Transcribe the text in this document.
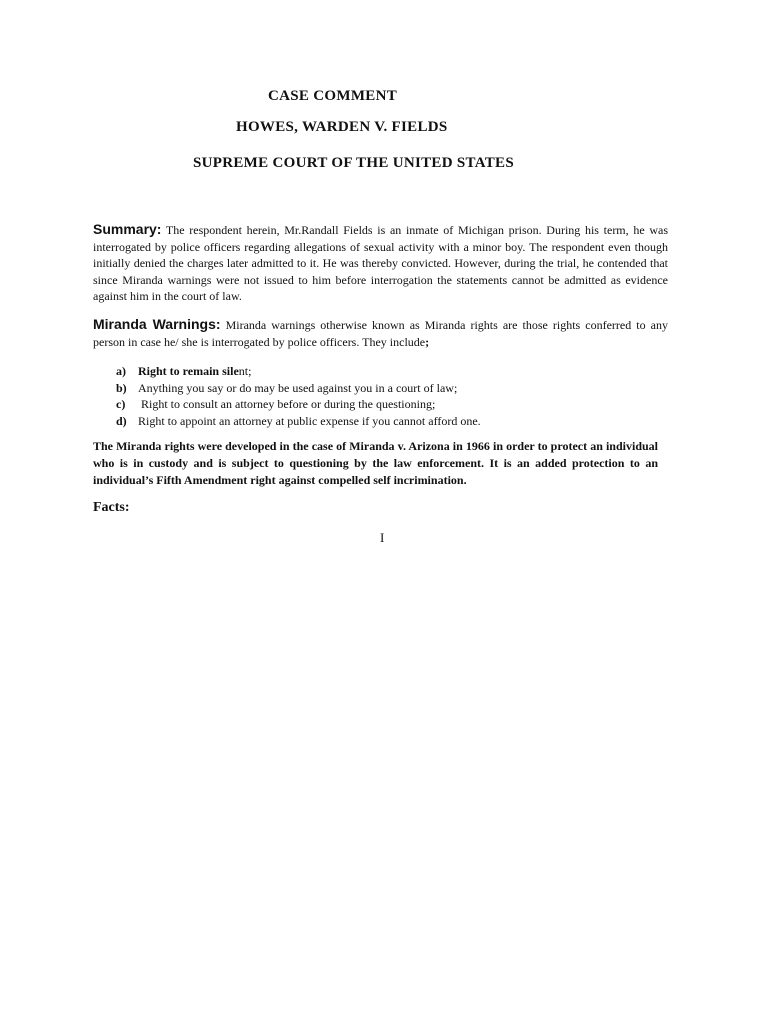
CASE COMMENT
HOWES, WARDEN V. FIELDS
SUPREME COURT OF THE UNITED STATES
Summary: The respondent herein, Mr.Randall Fields is an inmate of Michigan prison. During his term, he was interrogated by police officers regarding allegations of sexual activity with a minor boy. The respondent even though initially denied the charges later admitted to it. He was thereby convicted. However, during the trial, he contended that since Miranda warnings were not issued to him before interrogation the statements cannot be admitted as evidence against him in the court of law.
Miranda Warnings: Miranda warnings otherwise known as Miranda rights are those rights conferred to any person in case he/ she is interrogated by police officers. They include;
a) Right to remain silent;
b) Anything you say or do may be used against you in a court of law;
c) Right to consult an attorney before or during the questioning;
d) Right to appoint an attorney at public expense if you cannot afford one.
The Miranda rights were developed in the case of Miranda v. Arizona in 1966 in order to protect an individual who is in custody and is subject to questioning by the law enforcement. It is an added protection to an individual’s Fifth Amendment right against compelled self incrimination.
Facts:
I
